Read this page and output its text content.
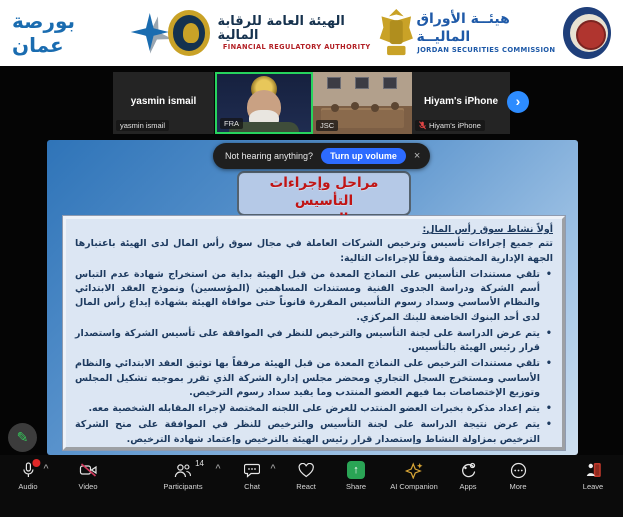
بورصة عمان
الهيئة العامة للرقابة المالية
FINANCIAL REGULATORY AUTHORITY
هيئــة الأوراق الماليــة
JORDAN SECURITIES COMMISSION
yasmin ismail
yasmin ismail	FRA	JSC
Hiyam's iPhone
Hiyam's iPhone
›
مراحل وإجراءات التأسيس

أولاً نشاط سوق رأس المال:
تتم جميع إجراءات تأسيس وترخيص الشركات العاملة في مجال سوق رأس المال لدى الهيئة باعتبارها الجهة الإدارية المختصة وفقاً للإجراءات التالية:
• تلقي مستندات التأسيس على النماذج المعدة من قبل الهيئة بداية من استخراج شهادة عدم التباس أسم الشركة ودراسة الجدوى الفنية ومستندات المساهمين (المؤسسين) ونموذج العقد الابتدائي والنظام الأساسي وسداد رسوم التأسيس المقررة قانوناً حتى موافاة الهيئة بشهادة إيداع رأس المال لدى أحد البنوك الخاضعة للبنك المركزي.
• يتم عرض الدراسة على لجنة التأسيس والترخيص للنظر في الموافقة على تأسيس الشركة واستصدار قرار رئيس الهيئة بالتأسيس.
• تلقي مستندات الترخيص على النماذج المعدة من قبل الهيئة مرفقاً بها توثيق العقد الابتدائي والنظام الأساسي ومستخرج السجل التجاري ومحضر مجلس إدارة الشركة الذي تقرر بموجبه تشكيل المجلس وتوزيع الإختصاصات بما فيهم العضو المنتدب وما يفيد سداد رسوم الترخيص.
• يتم إعداد مذكرة بخبرات العضو المنتدب للعرض على اللجنه المختصة لإجراء المقابله الشخصية معه.
• يتم عرض نتيجة الدراسة على لجنة التأسيس والترخيص للنظر في الموافقة على منح الشركة الترخيص بمزاولة النشاط وإستصدار قرار رئيس الهيئة بالترخيص وإعتماد شهادة الترخيص.
Not hearing anything?	Turn up volume	×
✎
Audio
^
Video
14
Participants
^
Chat
^
React
↑
Share	AI Companion	Apps	More	Leave
